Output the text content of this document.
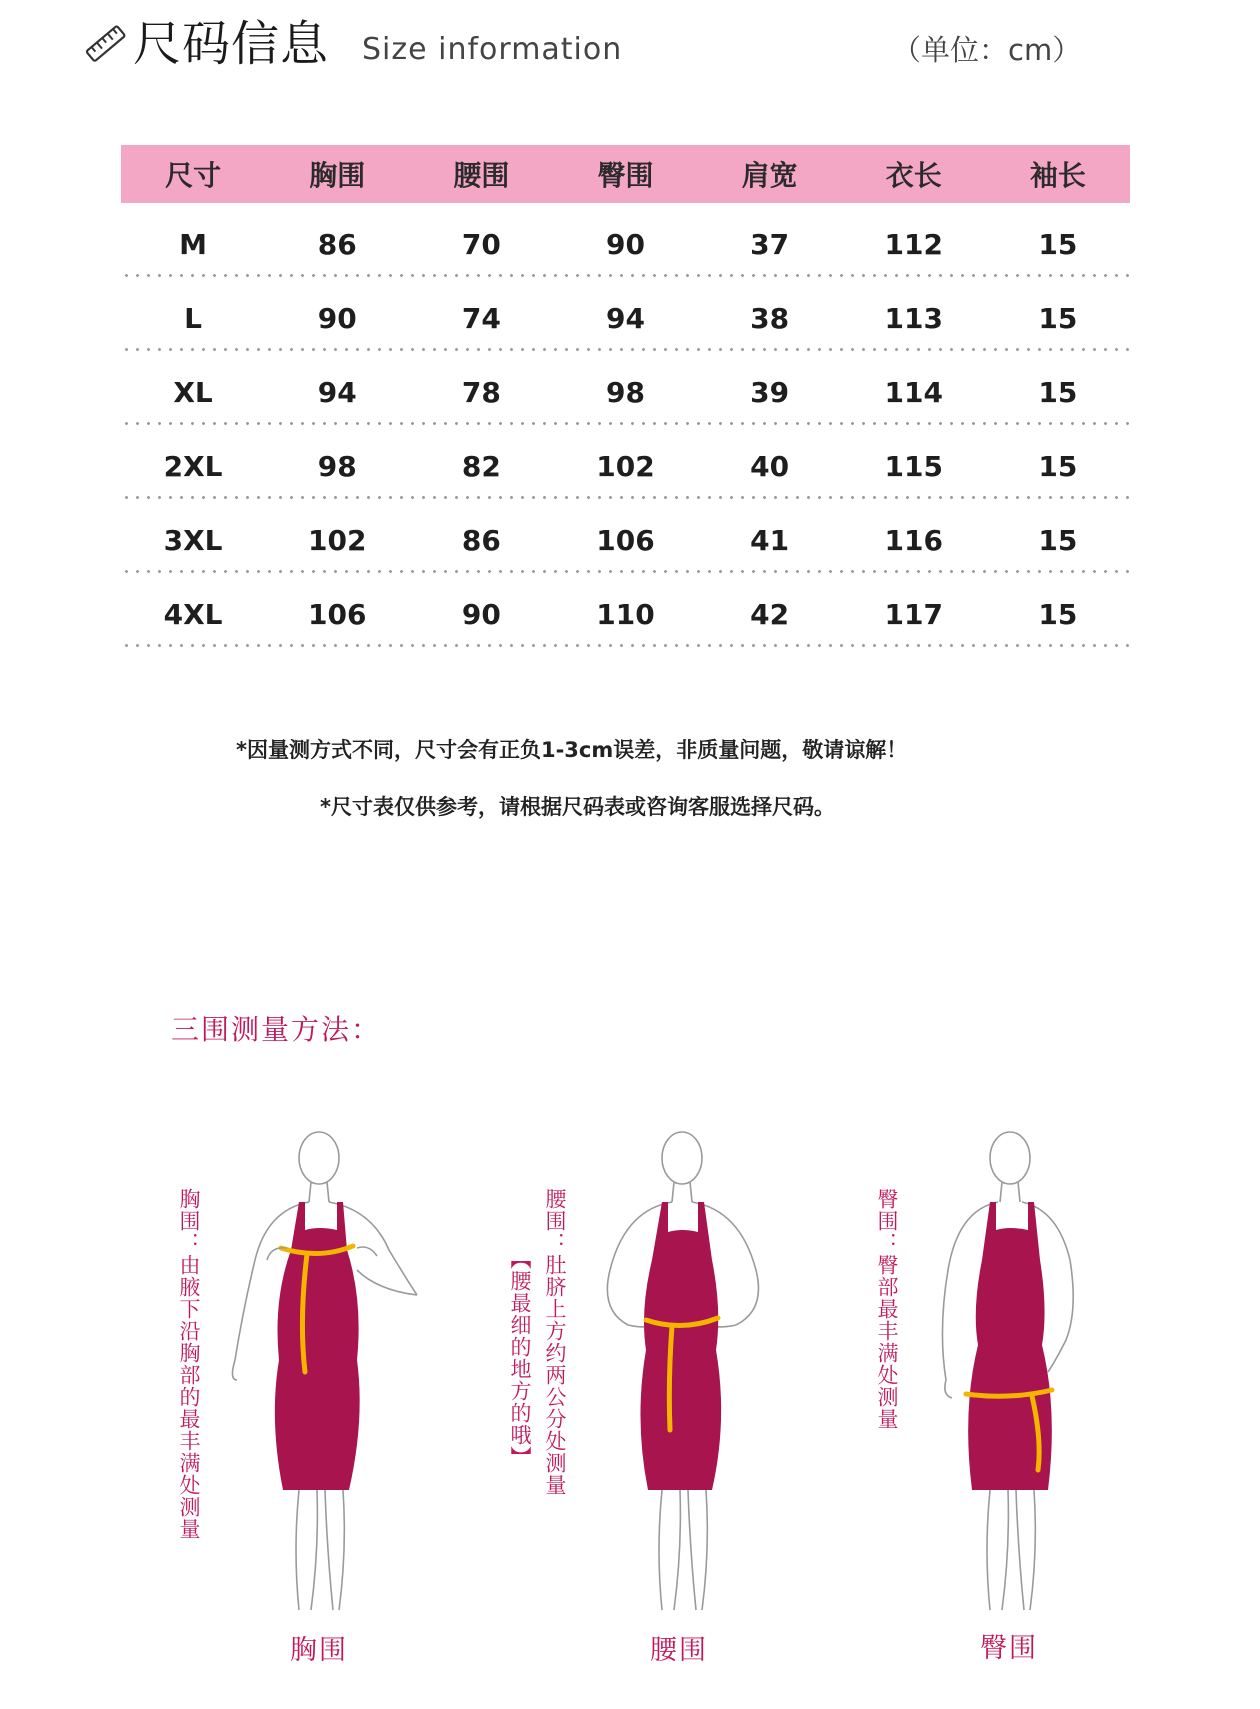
尺码信息 Size information	（单位：cm）
尺寸	胸围	腰围	臀围	肩宽	衣长	袖长
M	86	70	90	37	112	15
L	90	74	94	38	113	15
XL	94	78	98	39	114	15
2XL	98	82	102	40	115	15
3XL	102	86	106	41	116	15
4XL	106	90	110	42	117	15
*因量测方式不同，尺寸会有正负1-3cm误差，非质量问题，敬请谅解！
*尺寸表仅供参考，请根据尺码表或咨询客服选择尺码。
三围测量方法：
胸围：由腋下沿胸部的最丰满处测量	腰围：肚脐上方约两公分处测量
【腰最细的地方的哦】	臀围：臀部最丰满处测量
胸围	腰围	臀围
